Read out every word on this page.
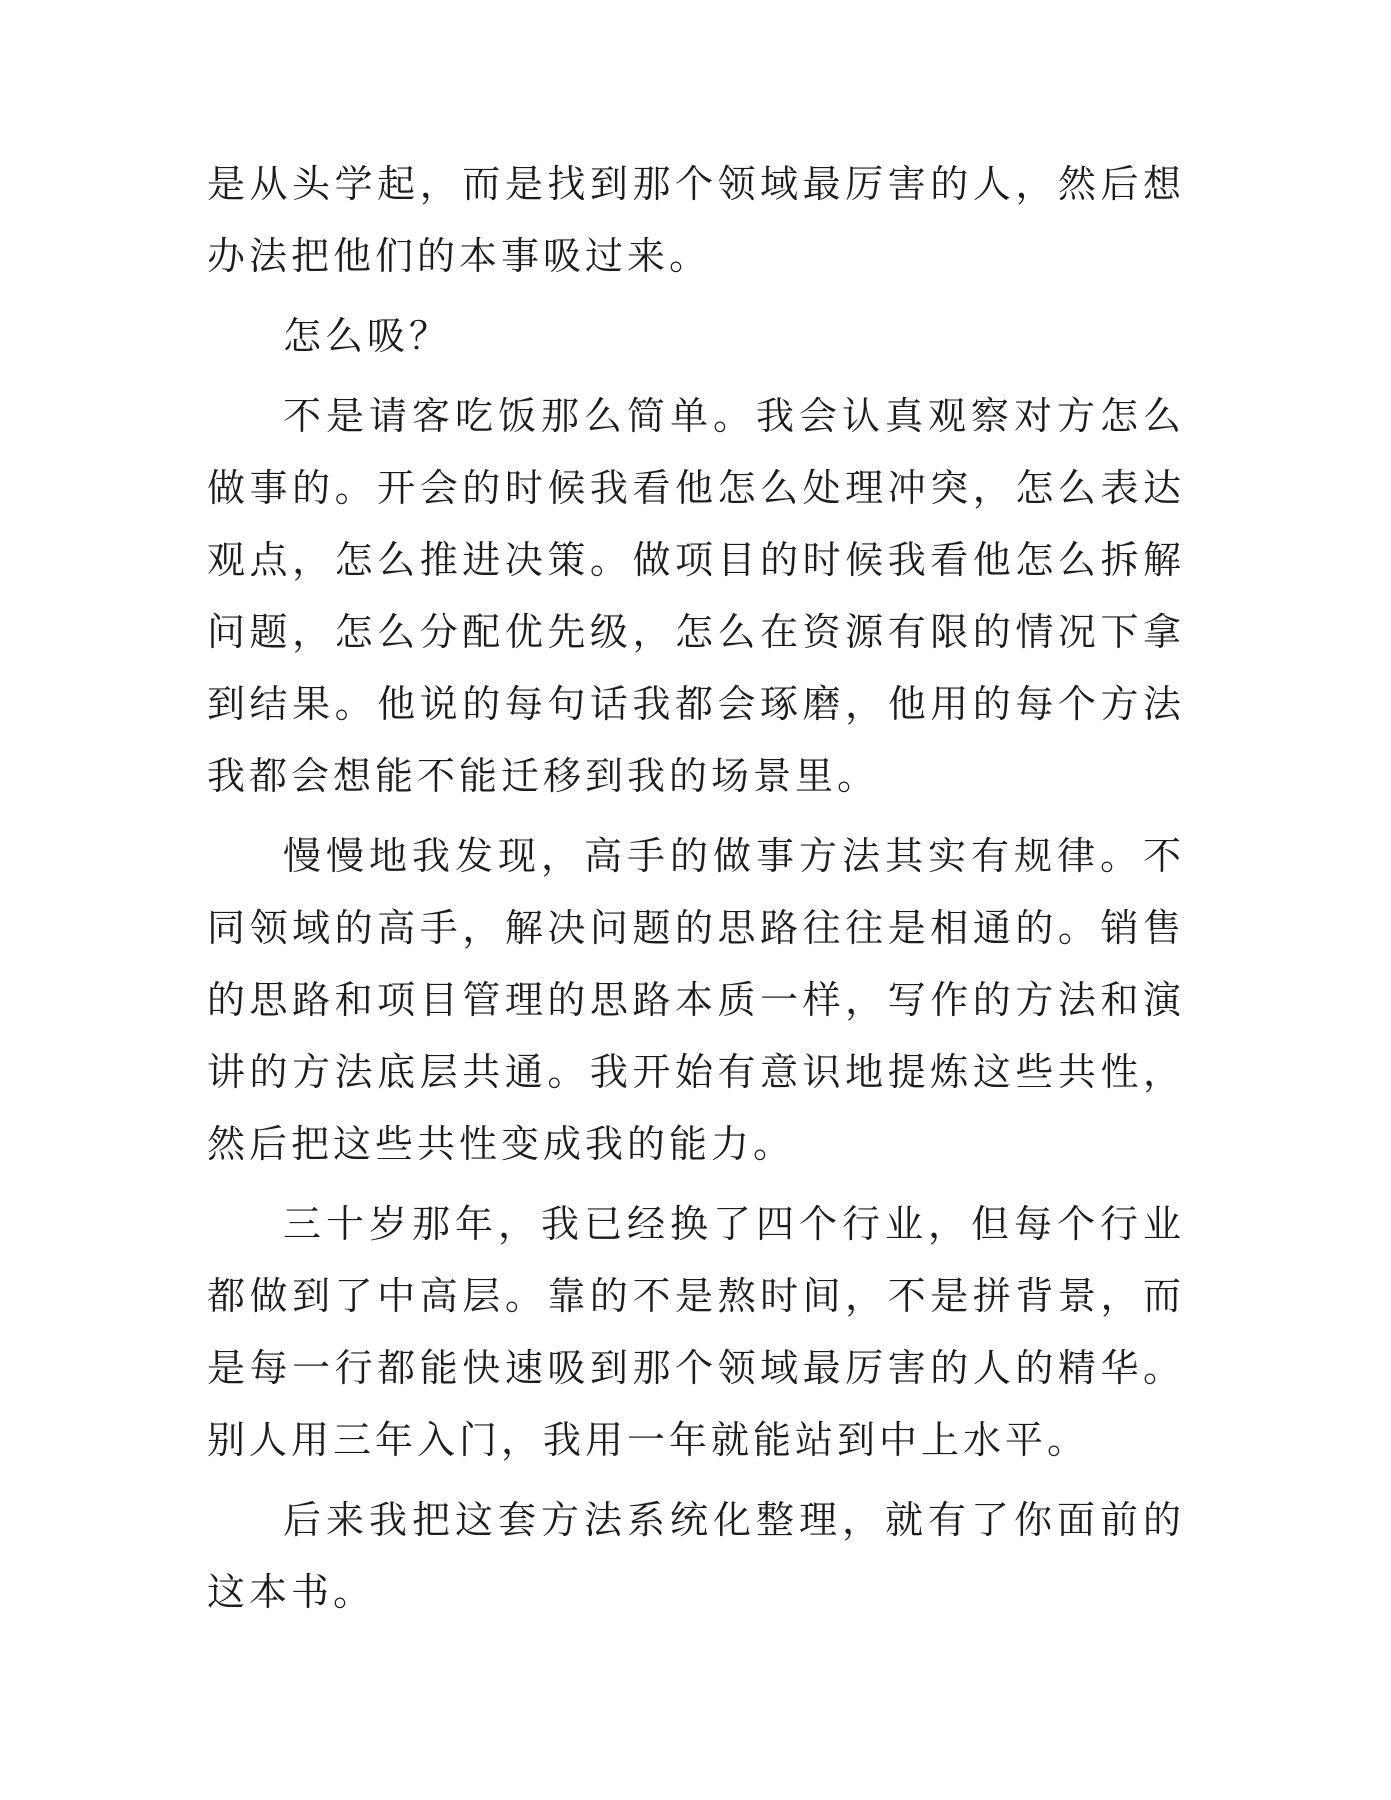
是从头学起，而是找到那个领域最厉害的人，然后想办法把他们的本事吸过来。

怎么吸？

不是请客吃饭那么简单。我会认真观察对方怎么做事的。开会的时候我看他怎么处理冲突，怎么表达观点，怎么推进决策。做项目的时候我看他怎么拆解问题，怎么分配优先级，怎么在资源有限的情况下拿到结果。他说的每句话我都会琢磨，他用的每个方法我都会想能不能迁移到我的场景里。

慢慢地我发现，高手的做事方法其实有规律。不同领域的高手，解决问题的思路往往是相通的。销售的思路和项目管理的思路本质一样，写作的方法和演讲的方法底层共通。我开始有意识地提炼这些共性，然后把这些共性变成我的能力。

三十岁那年，我已经换了四个行业，但每个行业都做到了中高层。靠的不是熬时间，不是拼背景，而是每一行都能快速吸到那个领域最厉害的人的精华。别人用三年入门，我用一年就能站到中上水平。

后来我把这套方法系统化整理，就有了你面前的这本书。
